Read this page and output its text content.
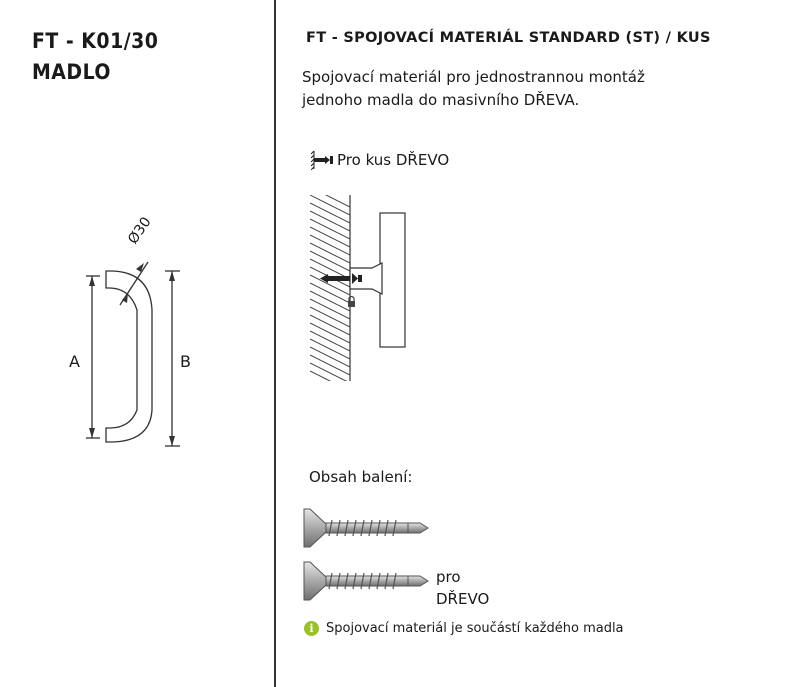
FT - K01/30
MADLO
A	B
Ø30
FT - SPOJOVACÍ MATERIÁL STANDARD (ST) / KUS
Spojovací materiál pro jednostrannou montáž
jednoho madla do masivního DŘEVA.
Pro kus DŘEVO
Obsah balení:
pro
DŘEVO
i Spojovací materiál je součástí každého madla
